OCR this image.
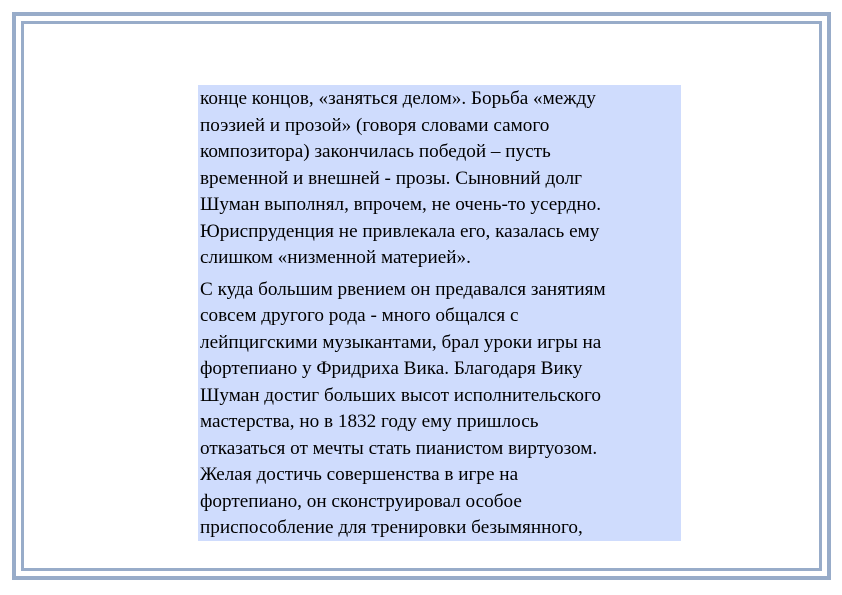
конце концов, «заняться делом». Борьба «между
поэзией и прозой» (говоря словами самого
композитора) закончилась победой – пусть
временной и внешней - прозы. Сыновний долг
Шуман выполнял, впрочем, не очень-то усердно.
Юриспруденция не привлекала его, казалась ему
слишком «низменной материей».

С куда большим рвением он предавался занятиям
совсем другого рода - много общался с
лейпцигскими музыкантами, брал уроки игры на
фортепиано у Фридриха Вика. Благодаря Вику
Шуман достиг больших высот исполнительского
мастерства, но в 1832 году ему пришлось
отказаться от мечты стать пианистом виртуозом.
Желая достичь совершенства в игре на
фортепиано, он сконструировал особое
приспособление для тренировки безымянного,
